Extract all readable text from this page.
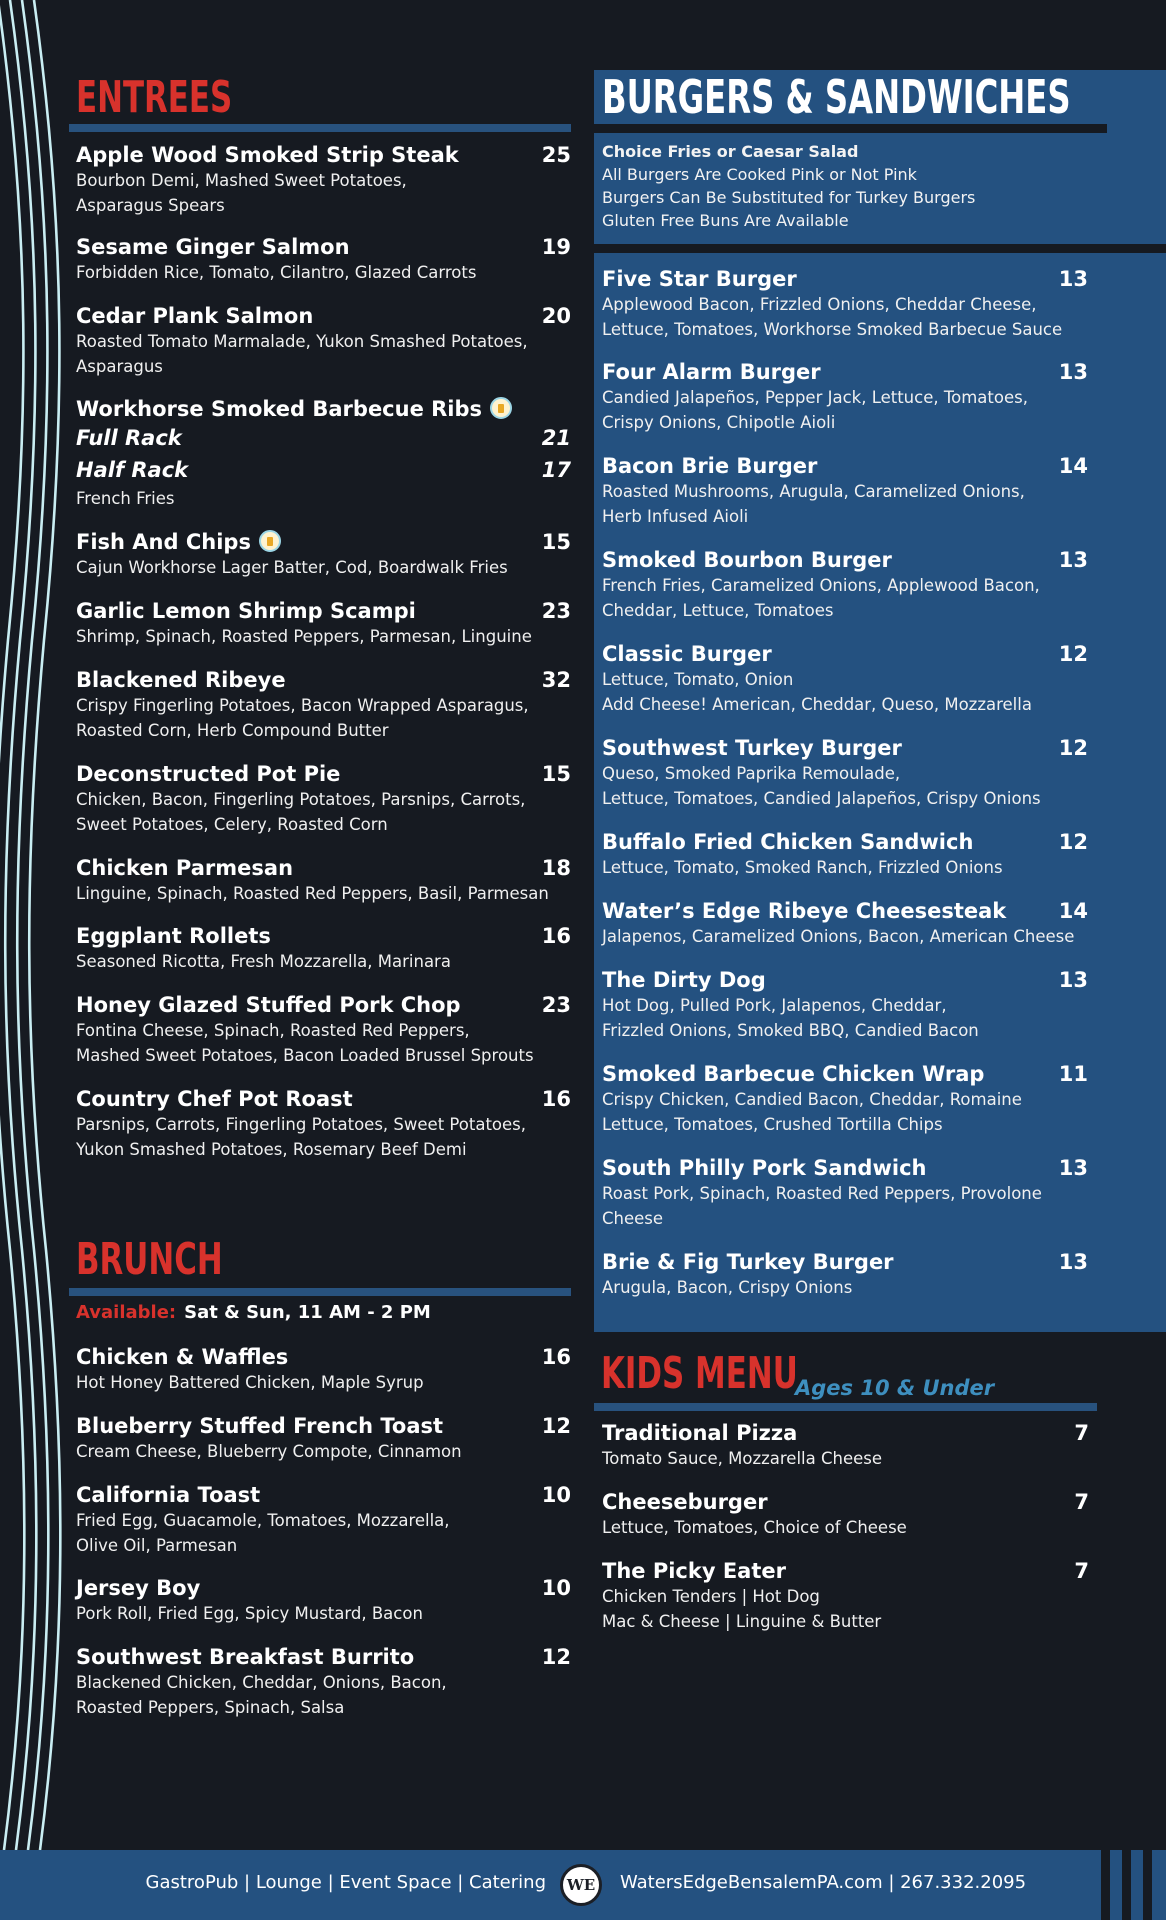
ENTREES
Apple Wood Smoked Strip Steak	25
Bourbon Demi, Mashed Sweet Potatoes,
Asparagus Spears
Sesame Ginger Salmon	19
Forbidden Rice, Tomato, Cilantro, Glazed Carrots
Cedar Plank Salmon	20
Roasted Tomato Marmalade, Yukon Smashed Potatoes,
Asparagus
Workhorse Smoked Barbecue Ribs
Full Rack	21
Half Rack	17
French Fries
Fish And Chips	15
Cajun Workhorse Lager Batter, Cod, Boardwalk Fries
Garlic Lemon Shrimp Scampi	23
Shrimp, Spinach, Roasted Peppers, Parmesan, Linguine
Blackened Ribeye	32
Crispy Fingerling Potatoes, Bacon Wrapped Asparagus,
Roasted Corn, Herb Compound Butter
Deconstructed Pot Pie	15
Chicken, Bacon, Fingerling Potatoes, Parsnips, Carrots,
Sweet Potatoes, Celery, Roasted Corn
Chicken Parmesan	18
Linguine, Spinach, Roasted Red Peppers, Basil, Parmesan
Eggplant Rollets	16
Seasoned Ricotta, Fresh Mozzarella, Marinara
Honey Glazed Stuffed Pork Chop	23
Fontina Cheese, Spinach, Roasted Red Peppers,
Mashed Sweet Potatoes, Bacon Loaded Brussel Sprouts
Country Chef Pot Roast	16
Parsnips, Carrots, Fingerling Potatoes, Sweet Potatoes,
Yukon Smashed Potatoes, Rosemary Beef Demi
BRUNCH
Available: Sat & Sun, 11 AM - 2 PM
Chicken & Waffles	16
Hot Honey Battered Chicken, Maple Syrup
Blueberry Stuffed French Toast	12
Cream Cheese, Blueberry Compote, Cinnamon
California Toast	10
Fried Egg, Guacamole, Tomatoes, Mozzarella,
Olive Oil, Parmesan
Jersey Boy	10
Pork Roll, Fried Egg, Spicy Mustard, Bacon
Southwest Breakfast Burrito	12
Blackened Chicken, Cheddar, Onions, Bacon,
Roasted Peppers, Spinach, Salsa
BURGERS & SANDWICHES
Choice Fries or Caesar Salad
All Burgers Are Cooked Pink or Not Pink
Burgers Can Be Substituted for Turkey Burgers
Gluten Free Buns Are Available
Five Star Burger	13
Applewood Bacon, Frizzled Onions, Cheddar Cheese,
Lettuce, Tomatoes, Workhorse Smoked Barbecue Sauce
Four Alarm Burger	13
Candied Jalapeños, Pepper Jack, Lettuce, Tomatoes,
Crispy Onions, Chipotle Aioli
Bacon Brie Burger	14
Roasted Mushrooms, Arugula, Caramelized Onions,
Herb Infused Aioli
Smoked Bourbon Burger	13
French Fries, Caramelized Onions, Applewood Bacon,
Cheddar, Lettuce, Tomatoes
Classic Burger	12
Lettuce, Tomato, Onion
Add Cheese! American, Cheddar, Queso, Mozzarella
Southwest Turkey Burger	12
Queso, Smoked Paprika Remoulade,
Lettuce, Tomatoes, Candied Jalapeños, Crispy Onions
Buffalo Fried Chicken Sandwich	12
Lettuce, Tomato, Smoked Ranch, Frizzled Onions
Water’s Edge Ribeye Cheesesteak	14
Jalapenos, Caramelized Onions, Bacon, American Cheese
The Dirty Dog	13
Hot Dog, Pulled Pork, Jalapenos, Cheddar,
Frizzled Onions, Smoked BBQ, Candied Bacon
Smoked Barbecue Chicken Wrap	11
Crispy Chicken, Candied Bacon, Cheddar, Romaine
Lettuce, Tomatoes, Crushed Tortilla Chips
South Philly Pork Sandwich	13
Roast Pork, Spinach, Roasted Red Peppers, Provolone
Cheese
Brie & Fig Turkey Burger	13
Arugula, Bacon, Crispy Onions
KIDS MENU
Ages 10 & Under
Traditional Pizza	7
Tomato Sauce, Mozzarella Cheese
Cheeseburger	7
Lettuce, Tomatoes, Choice of Cheese
The Picky Eater	7
Chicken Tenders | Hot Dog
Mac & Cheese | Linguine & Butter
GastroPub | Lounge | Event Space | Catering	WE	WatersEdgeBensalemPA.com | 267.332.2095
